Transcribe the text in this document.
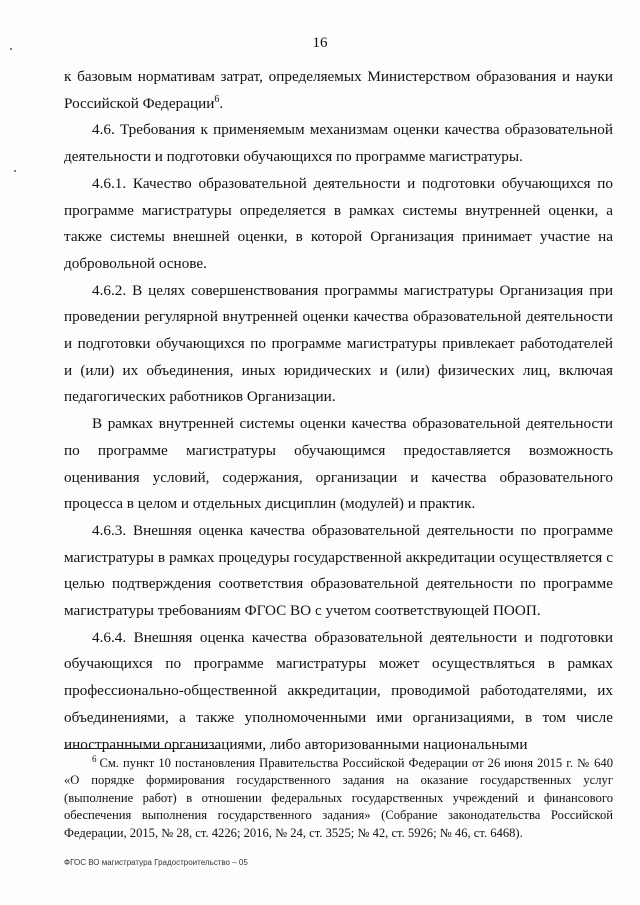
16

к базовым нормативам затрат, определяемых Министерством образования и науки Российской Федерации$^6$.

4.6. Требования к применяемым механизмам оценки качества образовательной деятельности и подготовки обучающихся по программе магистратуры.

4.6.1. Качество образовательной деятельности и подготовки обучающихся по программе магистратуры определяется в рамках системы внутренней оценки, а также системы внешней оценки, в которой Организация принимает участие на добровольной основе.

4.6.2. В целях совершенствования программы магистратуры Организация при проведении регулярной внутренней оценки качества образовательной деятельности и подготовки обучающихся по программе магистратуры привлекает работодателей и (или) их объединения, иных юридических и (или) физических лиц, включая педагогических работников Организации.

В рамках внутренней системы оценки качества образовательной деятельности по программе магистратуры обучающимся предоставляется возможность оценивания условий, содержания, организации и качества образовательного процесса в целом и отдельных дисциплин (модулей) и практик.

4.6.3. Внешняя оценка качества образовательной деятельности по программе магистратуры в рамках процедуры государственной аккредитации осуществляется с целью подтверждения соответствия образовательной деятельности по программе магистратуры требованиям ФГОС ВО с учетом соответствующей ПООП.

4.6.4. Внешняя оценка качества образовательной деятельности и подготовки обучающихся по программе магистратуры может осуществляться в рамках профессионально-общественной аккредитации, проводимой работодателями, их объединениями, а также уполномоченными ими организациями, в том числе иностранными организациями, либо авторизованными национальными

$^6$ См. пункт 10 постановления Правительства Российской Федерации от 26 июня 2015 г. № 640 «О порядке формирования государственного задания на оказание государственных услуг (выполнение работ) в отношении федеральных государственных учреждений и финансового обеспечения выполнения государственного задания» (Собрание законодательства Российской Федерации, 2015, № 28, ст. 4226; 2016, № 24, ст. 3525; № 42, ст. 5926; № 46, ст. 6468).

ФГОС ВО магистратура Градостроительство – 05
